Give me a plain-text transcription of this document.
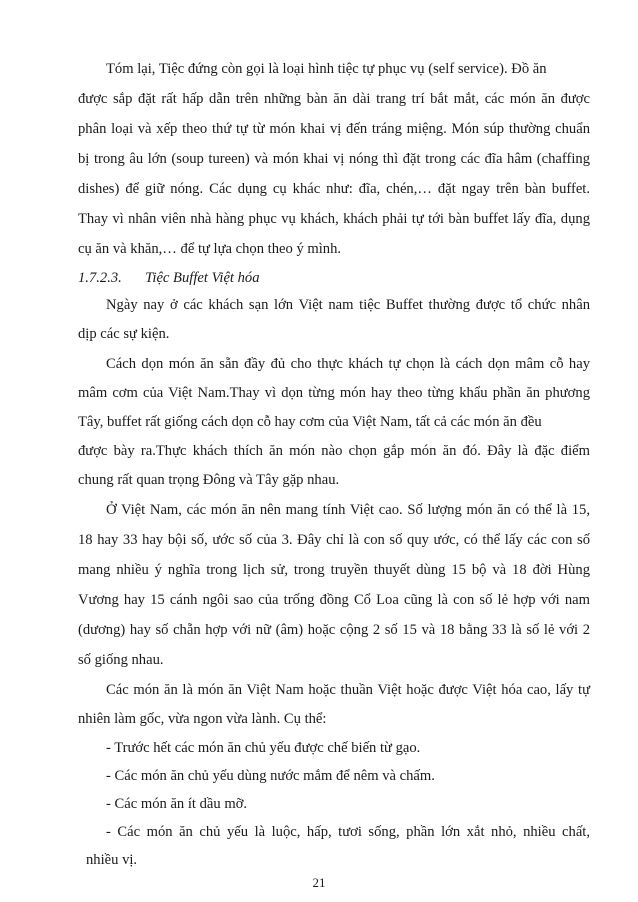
Tóm lại, Tiệc đứng còn gọi là loại hình tiệc tự phục vụ (self service). Đồ ăn
được sắp đặt rất hấp dẫn trên những bàn ăn dài trang trí bắt mắt, các món ăn được
phân loại và xếp theo thứ tự từ món khai vị đến tráng miệng. Món súp thường chuẩn
bị trong âu lớn (soup tureen) và món khai vị nóng thì đặt trong các đĩa hâm (chaffing
dishes) để giữ nóng. Các dụng cụ khác như: đĩa, chén,… đặt ngay trên bàn buffet.
Thay vì nhân viên nhà hàng phục vụ khách, khách phải tự tới bàn buffet lấy đĩa, dụng
cụ ăn và khăn,… để tự lựa chọn theo ý mình.
1.7.2.3. Tiệc Buffet Việt hóa
Ngày nay ở các khách sạn lớn Việt nam tiệc Buffet thường được tổ chức nhân
dịp các sự kiện.
Cách dọn món ăn sẵn đầy đủ cho thực khách tự chọn là cách dọn mâm cỗ hay
mâm cơm của Việt Nam.Thay vì dọn từng món hay theo từng khẩu phần ăn phương
Tây, buffet rất giống cách dọn cỗ hay cơm của Việt Nam, tất cả các món ăn đều
được bày ra.Thực khách thích ăn món nào chọn gắp món ăn đó. Đây là đặc điểm
chung rất quan trọng Đông và Tây gặp nhau.
Ở Việt Nam, các món ăn nên mang tính Việt cao. Số lượng món ăn có thể là 15,
18 hay 33 hay bội số, ước số của 3. Đây chỉ là con số quy ước, có thể lấy các con số
mang nhiều ý nghĩa trong lịch sử, trong truyền thuyết dùng 15 bộ và 18 đời Hùng
Vương hay 15 cánh ngôi sao của trống đồng Cổ Loa cũng là con số lẻ hợp với nam
(dương) hay số chẵn hợp với nữ (âm) hoặc cộng 2 số 15 và 18 bằng 33 là số lẻ với 2
số giống nhau.
Các món ăn là món ăn Việt Nam hoặc thuần Việt hoặc được Việt hóa cao, lấy tự
nhiên làm gốc, vừa ngon vừa lành. Cụ thể:
- Trước hết các món ăn chủ yếu được chế biến từ gạo.
- Các món ăn chủ yếu dùng nước mắm để nêm và chấm.
- Các món ăn ít dầu mỡ.
- Các món ăn chủ yếu là luộc, hấp, tươi sống, phần lớn xắt nhỏ, nhiều chất,
nhiều vị.
21
